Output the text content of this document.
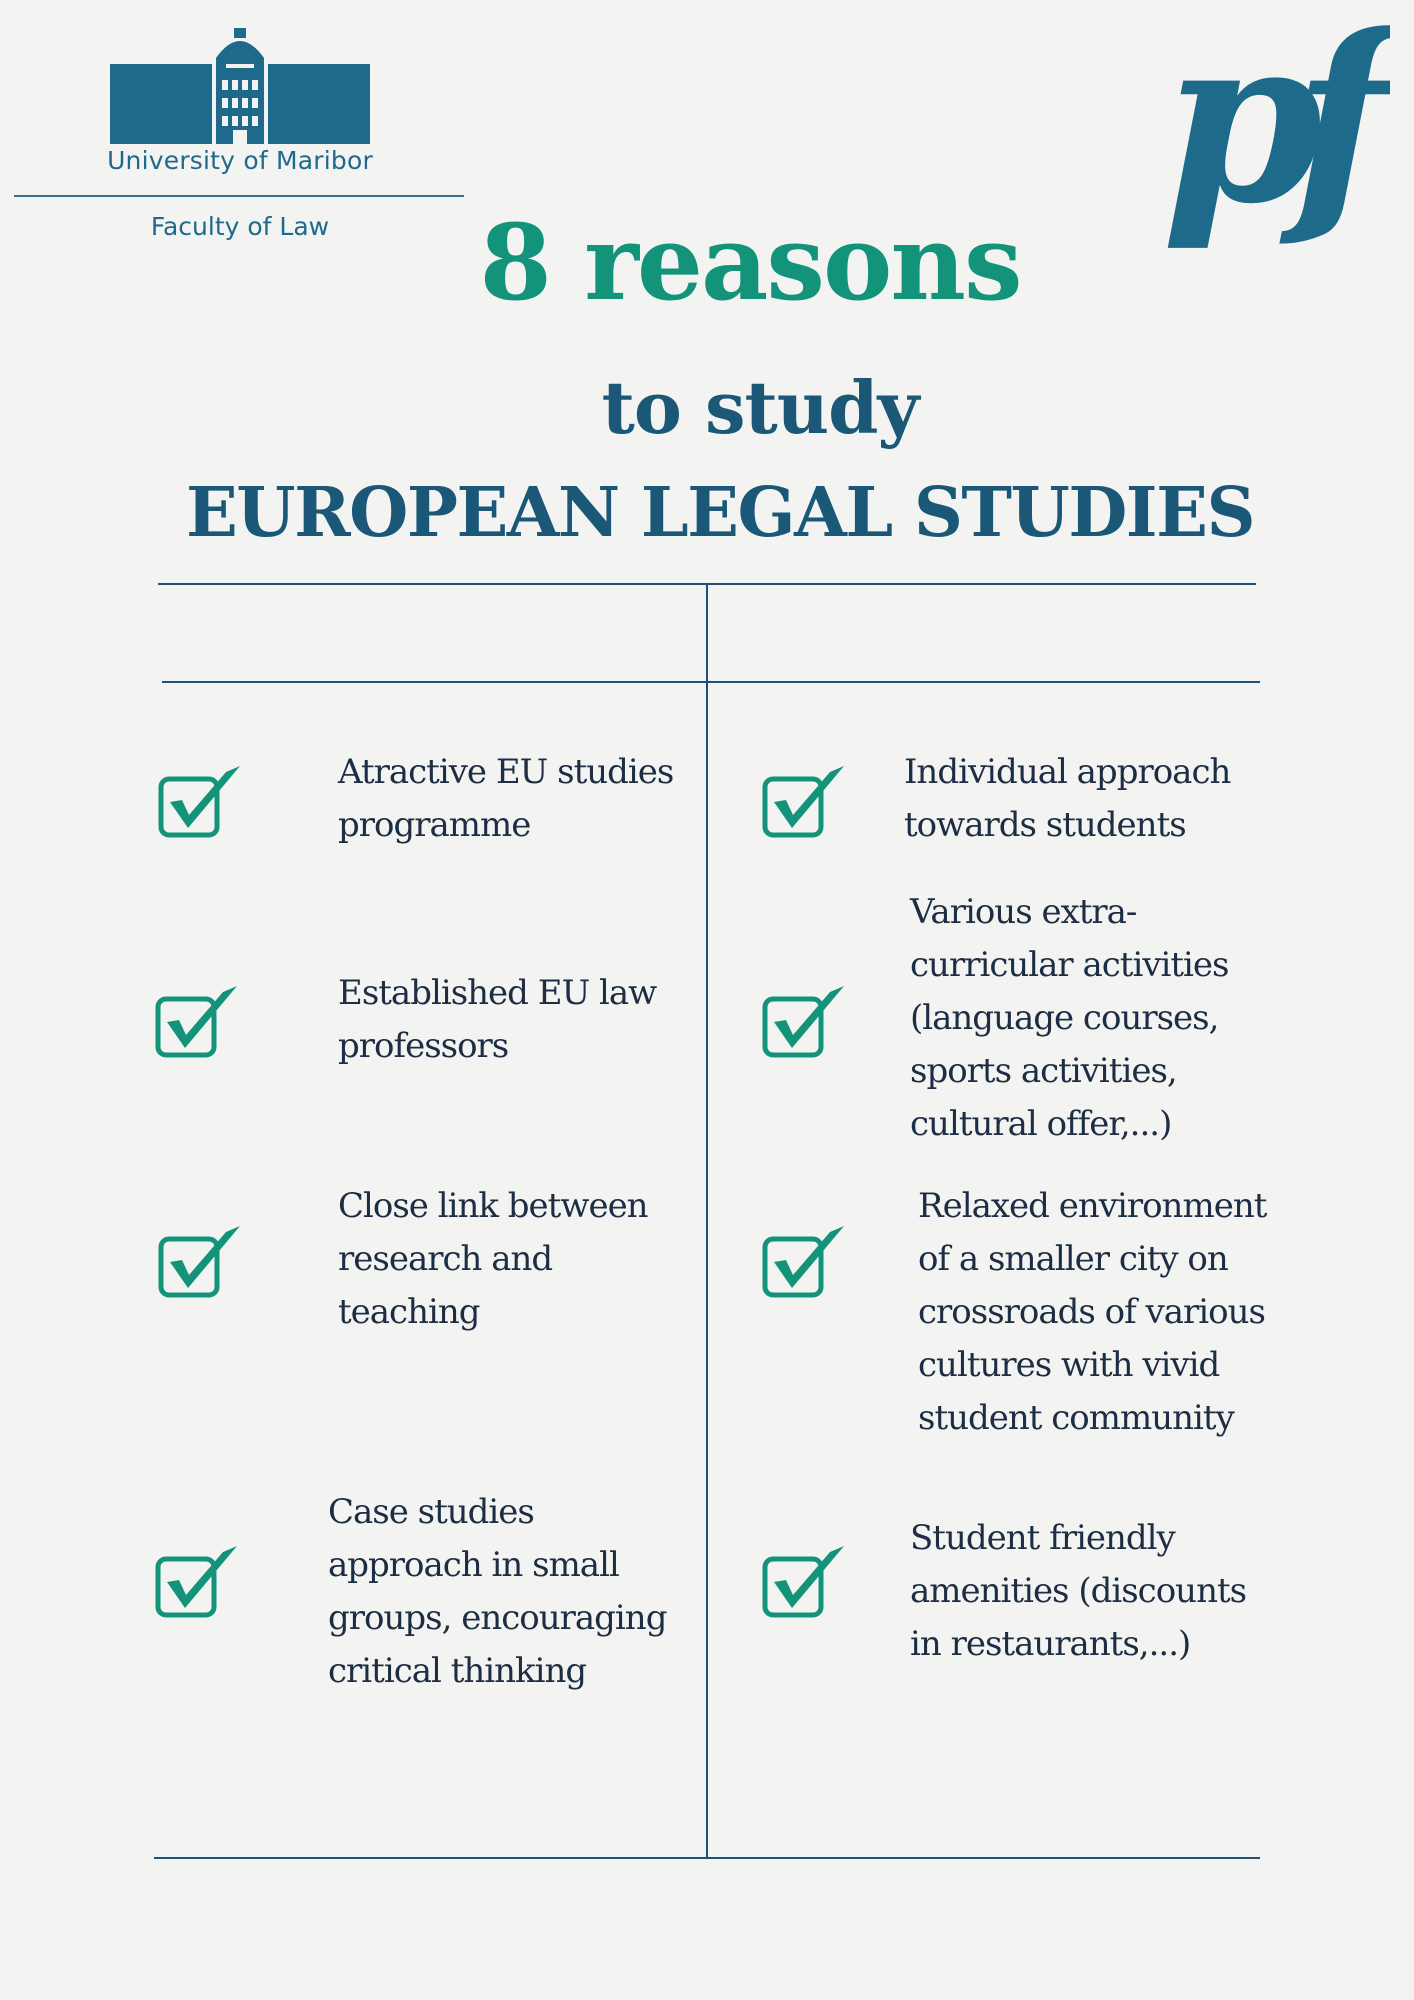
University of Maribor
Faculty of Law	pf
8 reasons
to study
EUROPEAN LEGAL STUDIES
Atractive EU studies
programme
Established EU law
professors
Close link between
research and
teaching
Case studies
approach in small
groups, encouraging
critical thinking
Individual approach
towards students
Various extra-
curricular activities
(language courses,
sports activities,
cultural offer,...)
Relaxed environment
of a smaller city on
crossroads of various
cultures with vivid
student community
Student friendly
amenities (discounts
in restaurants,...)
